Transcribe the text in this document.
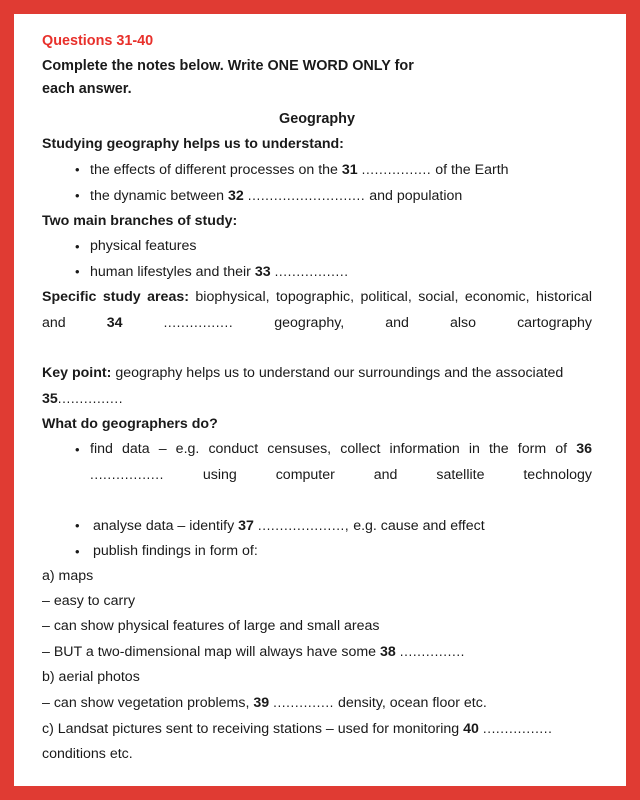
Questions 31-40

Complete the notes below. Write ONE WORD ONLY for

each answer.

Geography

Studying geography helps us to understand:

• the effects of different processes on the 31 ................ of the Earth
• the dynamic between 32 ........................... and population

Two main branches of study:

• physical features
• human lifestyles and their 33 .................

Specific study areas: biophysical, topographic, political, social, economic, historical and	34	................	geography, and also cartography

Key point: geography helps us to understand our surroundings and the associated 35...............

What do geographers do?

• find data – e.g. conduct censuses, collect information in the form of 36 .................	using computer and satellite technology
• analyse data – identify 37 ...................., e.g. cause and effect
• publish findings in form of:

a) maps

– easy to carry

– can show physical features of large and small areas

– BUT a two-dimensional map will always have some 38 ...............

b) aerial photos

– can show vegetation problems, 39 .............. density, ocean floor etc.

c) Landsat pictures sent to receiving stations – used for monitoring 40 ................ conditions etc.
